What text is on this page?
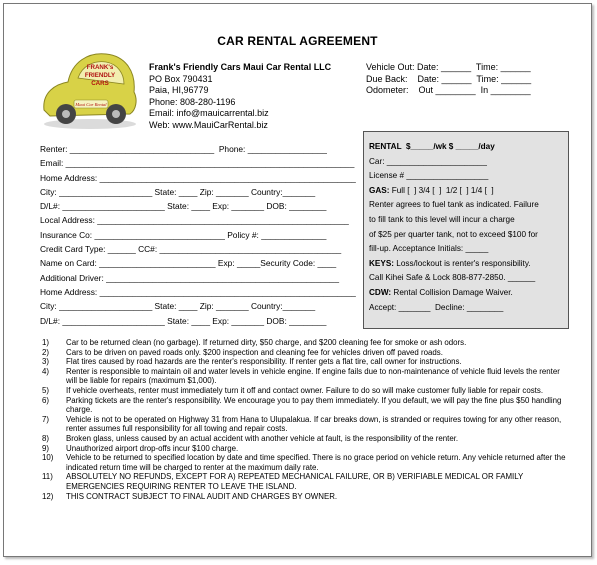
CAR RENTAL AGREEMENT
Maui Car Rental
FRANK's
FRIENDLY
CARS
Frank's Friendly Cars Maui Car Rental LLC
PO Box 790431
Paia, HI,96779
Phone: 808-280-1196
Email: info@mauicarrental.biz
Web: www.MauiCarRental.biz
Vehicle Out: Date: ______  Time: ______
Due Back:    Date: ______  Time: ______
Odometer:    Out ________  In ________
Renter: _______________________________  Phone: _________________
Email: ______________________________________________________________
Home Address: _______________________________________________________
City: ____________________ State: ____ Zip: _______ Country:_______
D/L#: ______________________ State: ____ Exp: _______ DOB: ________
Local Address: ______________________________________________________
Insurance Co: ____________________________ Policy #: ______________
Credit Card Type: ______ CC#: _______________________________________
Name on Card: _________________________ Exp: _____Security Code: ____
Additional Driver: __________________________________________________
Home Address: _______________________________________________________
City: ____________________ State: ____ Zip: _______ Country:_______
D/L#: ______________________ State: ____ Exp: _______ DOB: ________
RENTAL  $_____/wk $ _____/day
Car: ______________________
License # __________________
GAS: Full [  ] 3/4 [  ]  1/2 [  ] 1/4 [  ]
Renter agrees to fuel tank as indicated. Failure
to fill tank to this level will incur a charge
of $25 per quarter tank, not to exceed $100 for
fill-up. Acceptance Initials: _____
KEYS: Loss/lockout is renter's responsibility.
Call Kihei Safe & Lock 808-877-2850. ______
CDW: Rental Collision Damage Waiver.
Accept: _______  Decline: ________
1)	Car to be returned clean (no garbage). If returned dirty, $50 charge, and $200 cleaning fee for smoke or ash odors.
2)	Cars to be driven on paved roads only. $200 inspection and cleaning fee for vehicles driven off paved roads.
3)	Flat tires caused by road hazards are the renter's responsibility. If renter gets a flat tire, call owner for instructions.
4)	Renter is responsible to maintain oil and water levels in vehicle engine. If engine fails due to non-maintenance of vehicle fluid levels the renter will be liable for repairs (maximum $1,000).
5)	If vehicle overheats, renter must immediately turn it off and contact owner. Failure to do so will make customer fully liable for repair costs.
6)	Parking tickets are the renter's responsibility. We encourage you to pay them immediately. If you default, we will pay the fine plus $50 handling charge.
7)	Vehicle is not to be operated on Highway 31 from Hana to Ulupalakua. If car breaks down, is stranded or requires towing for any other reason, renter assumes full responsibility for all towing and repair costs.
8)	Broken glass, unless caused by an actual accident with another vehicle at fault, is the responsibility of the renter.
9)	Unauthorized airport drop-offs incur $100 charge.
10)	Vehicle to be returned to specified location by date and time specified. There is no grace period on vehicle return. Any vehicle returned after the indicated return time will be charged to renter at the maximum daily rate.
11)	ABSOLUTELY NO REFUNDS, EXCEPT FOR A) REPEATED MECHANICAL FAILURE, OR B) VERIFIABLE MEDICAL OR FAMILY EMERGENCIES REQUIRING RENTER TO LEAVE THE ISLAND.
12)	THIS CONTRACT SUBJECT TO FINAL AUDIT AND CHARGES BY OWNER.
